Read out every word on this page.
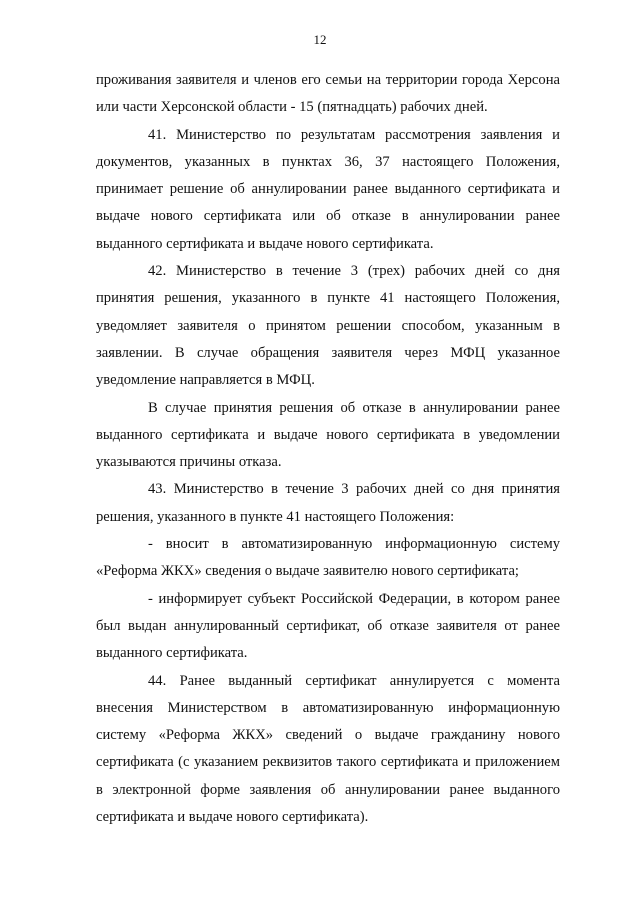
12

проживания заявителя и членов его семьи на территории города Херсона или части Херсонской области - 15 (пятнадцать) рабочих дней.

41. Министерство по результатам рассмотрения заявления и документов, указанных в пунктах 36, 37 настоящего Положения, принимает решение об аннулировании ранее выданного сертификата и выдаче нового сертификата или об отказе в аннулировании ранее выданного сертификата и выдаче нового сертификата.

42. Министерство в течение 3 (трех) рабочих дней со дня принятия решения, указанного в пункте 41 настоящего Положения, уведомляет заявителя о принятом решении способом, указанным в заявлении. В случае обращения заявителя через МФЦ указанное уведомление направляется в МФЦ.

В случае принятия решения об отказе в аннулировании ранее выданного сертификата и выдаче нового сертификата в уведомлении указываются причины отказа.

43. Министерство в течение 3 рабочих дней со дня принятия решения, указанного в пункте 41 настоящего Положения:

- вносит в автоматизированную информационную систему «Реформа ЖКХ» сведения о выдаче заявителю нового сертификата;

- информирует субъект Российской Федерации, в котором ранее был выдан аннулированный сертификат, об отказе заявителя от ранее выданного сертификата.

44. Ранее выданный сертификат аннулируется с момента внесения Министерством в автоматизированную информационную систему «Реформа ЖКХ» сведений о выдаче гражданину нового сертификата (с указанием реквизитов такого сертификата и приложением в электронной форме заявления об аннулировании ранее выданного сертификата и выдаче нового сертификата).
